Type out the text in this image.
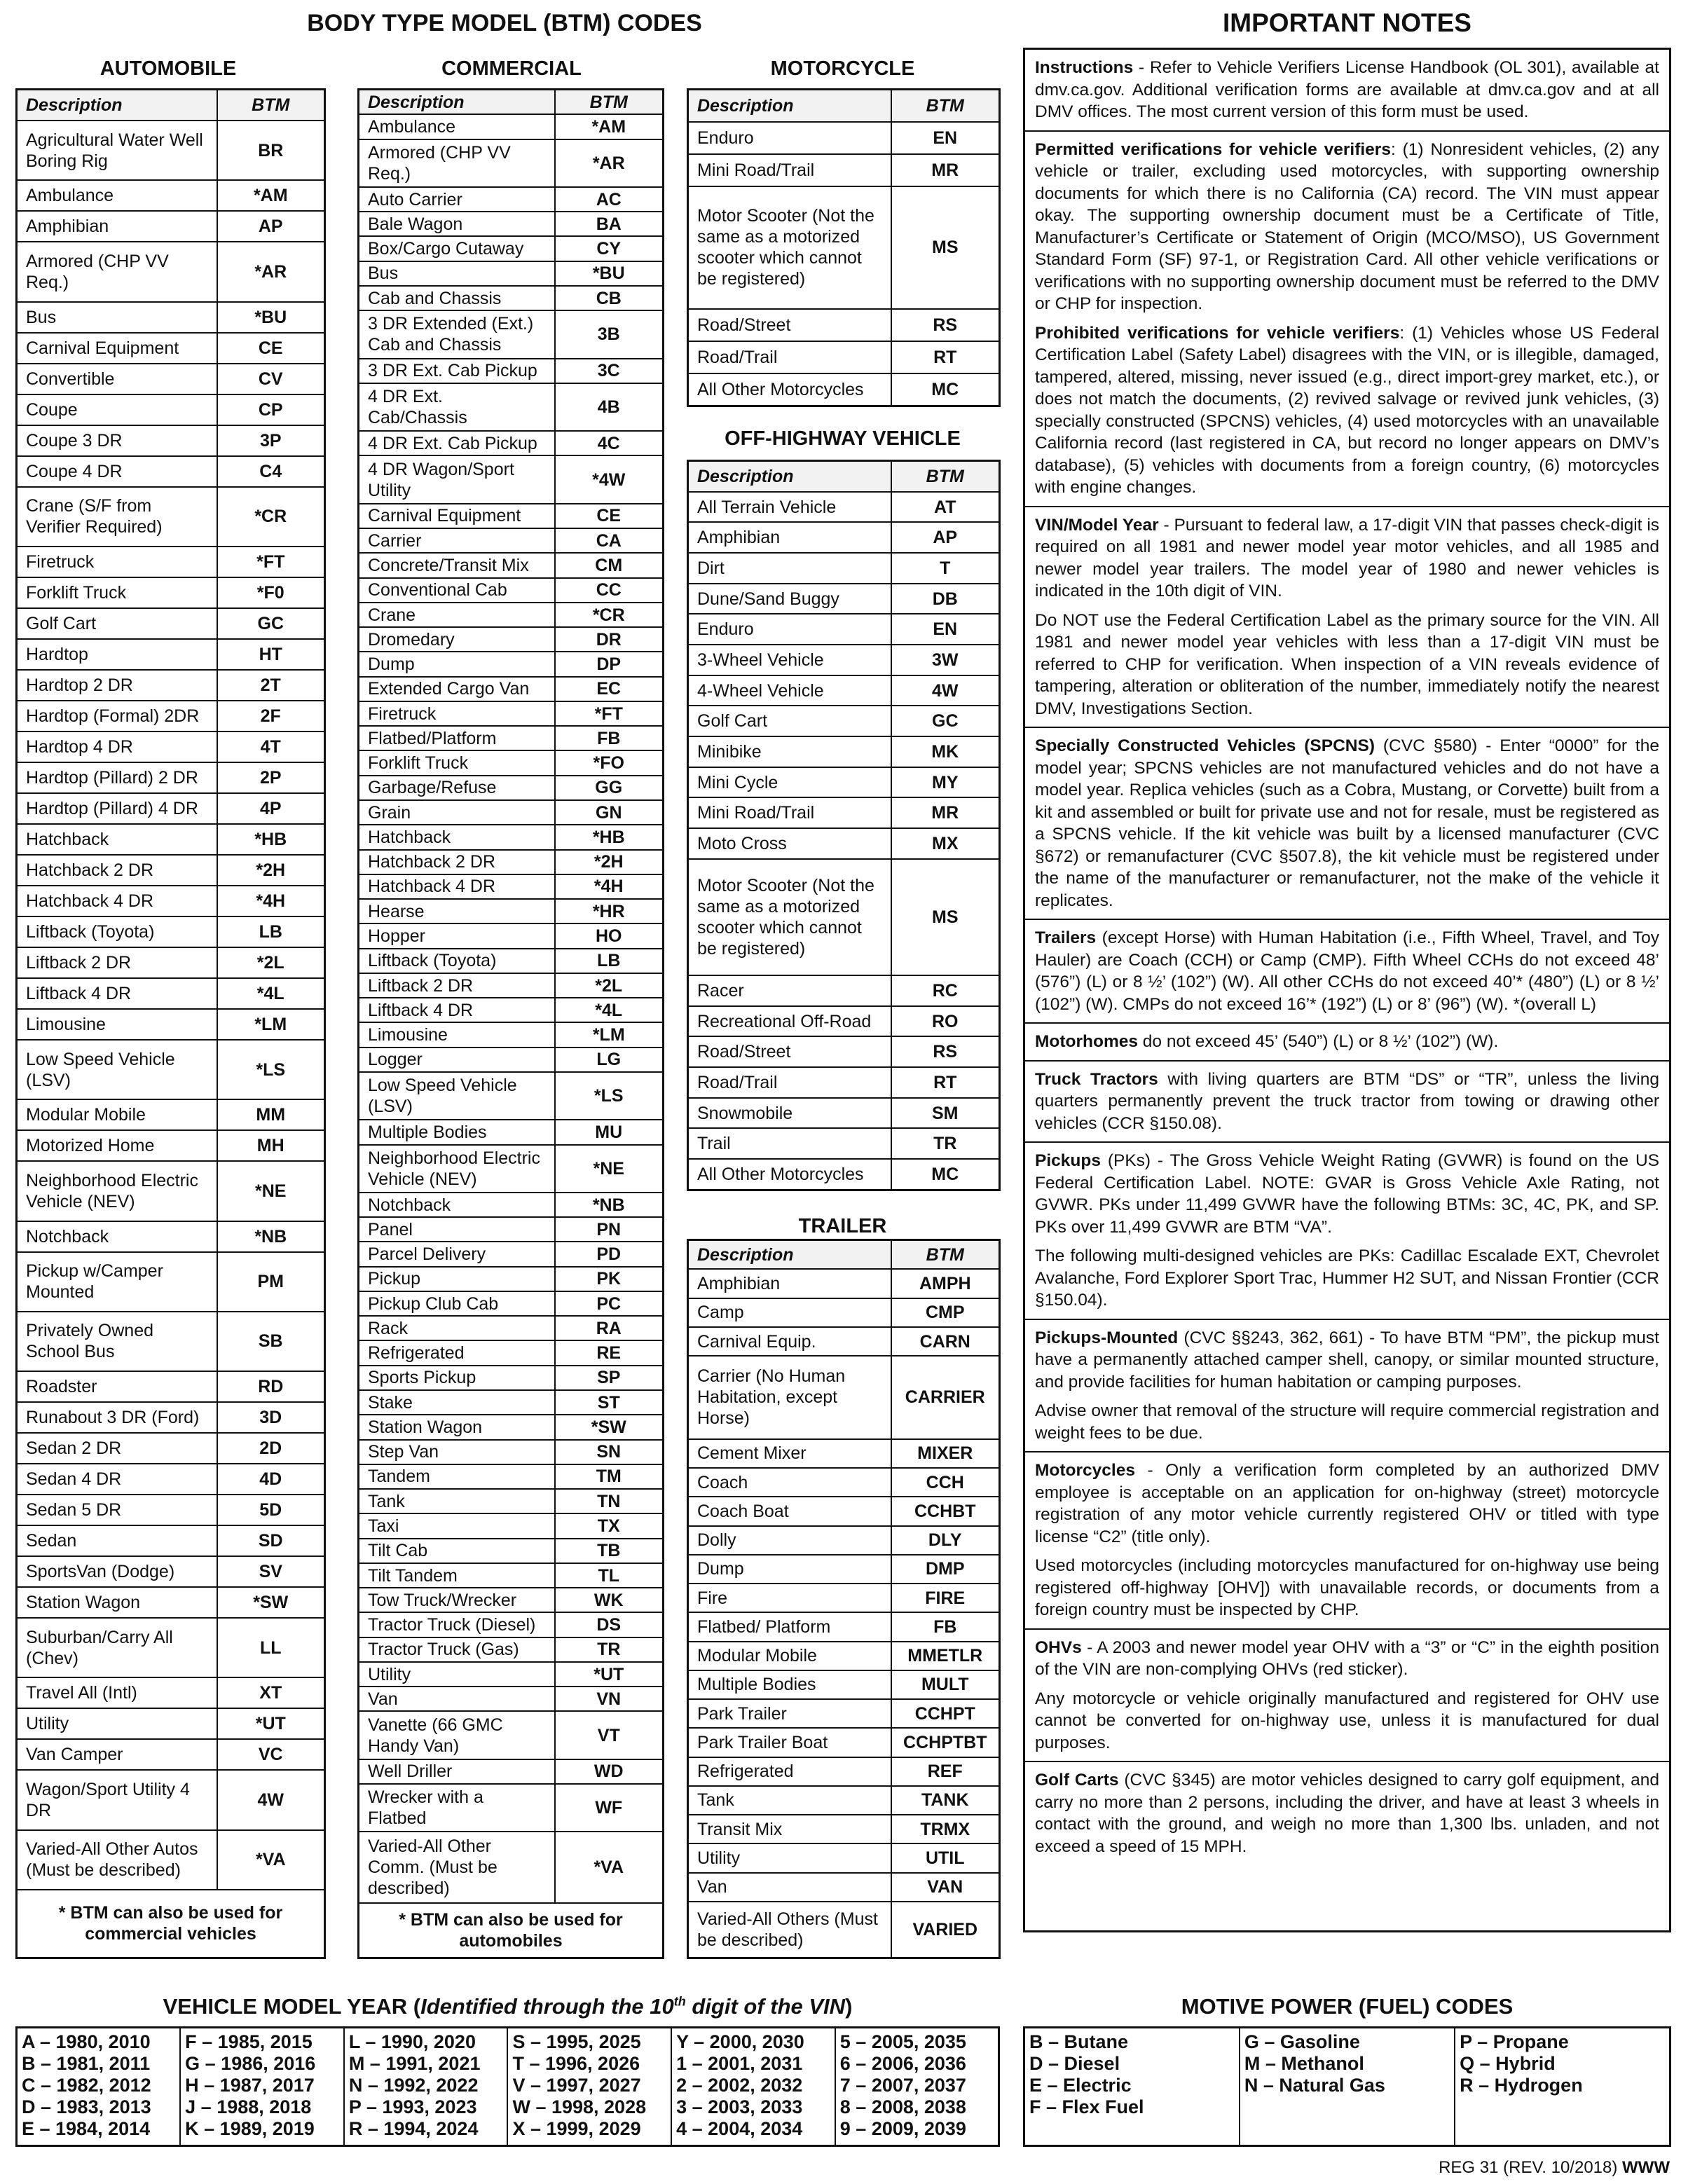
BODY TYPE MODEL (BTM) CODES	IMPORTANT NOTES
AUTOMOBILE	COMMERCIAL	MOTORCYCLE
OFF-HIGHWAY VEHICLE
TRAILER
Description	BTM
Agricultural Water Well Boring Rig	BR
Ambulance	*AM
Amphibian	AP
Armored (CHP VV Req.)	*AR
Bus	*BU
Carnival Equipment	CE
Convertible	CV
Coupe	CP
Coupe 3 DR	3P
Coupe 4 DR	C4
Crane (S/F from Verifier Required)	*CR
Firetruck	*FT
Forklift Truck	*F0
Golf Cart	GC
Hardtop	HT
Hardtop 2 DR	2T
Hardtop (Formal) 2DR	2F
Hardtop 4 DR	4T
Hardtop (Pillard) 2 DR	2P
Hardtop (Pillard) 4 DR	4P
Hatchback	*HB
Hatchback 2 DR	*2H
Hatchback 4 DR	*4H
Liftback (Toyota)	LB
Liftback 2 DR	*2L
Liftback 4 DR	*4L
Limousine	*LM
Low Speed Vehicle (LSV)	*LS
Modular Mobile	MM
Motorized Home	MH
Neighborhood Electric Vehicle (NEV)	*NE
Notchback	*NB
Pickup w/Camper Mounted	PM
Privately Owned School Bus	SB
Roadster	RD
Runabout 3 DR (Ford)	3D
Sedan 2 DR	2D
Sedan 4 DR	4D
Sedan 5 DR	5D
Sedan	SD
SportsVan (Dodge)	SV
Station Wagon	*SW
Suburban/Carry All (Chev)	LL
Travel All (Intl)	XT
Utility	*UT
Van Camper	VC
Wagon/Sport Utility 4 DR	4W
Varied-All Other Autos (Must be described)	*VA
* BTM can also be used for commercial vehicles	
Description	BTM
Ambulance	*AM
Armored (CHP VV Req.)	*AR
Auto Carrier	AC
Bale Wagon	BA
Box/Cargo Cutaway	CY
Bus	*BU
Cab and Chassis	CB
3 DR Extended (Ext.) Cab and Chassis	3B
3 DR Ext. Cab Pickup	3C
4 DR Ext. Cab/Chassis	4B
4 DR Ext. Cab Pickup	4C
4 DR Wagon/Sport Utility	*4W
Carnival Equipment	CE
Carrier	CA
Concrete/Transit Mix	CM
Conventional Cab	CC
Crane	*CR
Dromedary	DR
Dump	DP
Extended Cargo Van	EC
Firetruck	*FT
Flatbed/Platform	FB
Forklift Truck	*FO
Garbage/Refuse	GG
Grain	GN
Hatchback	*HB
Hatchback 2 DR	*2H
Hatchback 4 DR	*4H
Hearse	*HR
Hopper	HO
Liftback (Toyota)	LB
Liftback 2 DR	*2L
Liftback 4 DR	*4L
Limousine	*LM
Logger	LG
Low Speed Vehicle (LSV)	*LS
Multiple Bodies	MU
Neighborhood Electric Vehicle (NEV)	*NE
Notchback	*NB
Panel	PN
Parcel Delivery	PD
Pickup	PK
Pickup Club Cab	PC
Rack	RA
Refrigerated	RE
Sports Pickup	SP
Stake	ST
Station Wagon	*SW
Step Van	SN
Tandem	TM
Tank	TN
Taxi	TX
Tilt Cab	TB
Tilt Tandem	TL
Tow Truck/Wrecker	WK
Tractor Truck (Diesel)	DS
Tractor Truck (Gas)	TR
Utility	*UT
Van	VN
Vanette (66 GMC Handy Van)	VT
Well Driller	WD
Wrecker with a Flatbed	WF
Varied-All Other Comm. (Must be described)	*VA
* BTM can also be used for automobiles	
Description	BTM
Enduro	EN
Mini Road/Trail	MR
Motor Scooter (Not the same as a motorized scooter which cannot be registered)	MS
Road/Street	RS
Road/Trail	RT
All Other Motorcycles	MC
Description	BTM
All Terrain Vehicle	AT
Amphibian	AP
Dirt	T
Dune/Sand Buggy	DB
Enduro	EN
3-Wheel Vehicle	3W
4-Wheel Vehicle	4W
Golf Cart	GC
Minibike	MK
Mini Cycle	MY
Mini Road/Trail	MR
Moto Cross	MX
Motor Scooter (Not the same as a motorized scooter which cannot be registered)	MS
Racer	RC
Recreational Off-Road	RO
Road/Street	RS
Road/Trail	RT
Snowmobile	SM
Trail	TR
All Other Motorcycles	MC
Description	BTM
Amphibian	AMPH
Camp	CMP
Carnival Equip.	CARN
Carrier (No Human Habitation, except Horse)	CARRIER
Cement Mixer	MIXER
Coach	CCH
Coach Boat	CCHBT
Dolly	DLY
Dump	DMP
Fire	FIRE
Flatbed/ Platform	FB
Modular Mobile	MMETLR
Multiple Bodies	MULT
Park Trailer	CCHPT
Park Trailer Boat	CCHPTBT
Refrigerated	REF
Tank	TANK
Transit Mix	TRMX
Utility	UTIL
Van	VAN
Varied-All Others (Must be described)	VARIED

Instructions - Refer to Vehicle Verifiers License Handbook (OL 301), available at dmv.ca.gov. Additional verification forms are available at dmv.ca.gov and at all DMV offices. The most current version of this form must be used.

Permitted verifications for vehicle verifiers: (1) Nonresident vehicles, (2) any vehicle or trailer, excluding used motorcycles, with supporting ownership documents for which there is no California (CA) record. The VIN must appear okay. The supporting ownership document must be a Certificate of Title, Manufacturer’s Certificate or Statement of Origin (MCO/MSO), US Government Standard Form (SF) 97-1, or Registration Card. All other vehicle verifications or verifications with no supporting ownership document must be referred to the DMV or CHP for inspection.

Prohibited verifications for vehicle verifiers: (1) Vehicles whose US Federal Certification Label (Safety Label) disagrees with the VIN, or is illegible, damaged, tampered, altered, missing, never issued (e.g., direct import-grey market, etc.), or does not match the documents, (2) revived salvage or revived junk vehicles, (3) specially constructed (SPCNS) vehicles, (4) used motorcycles with an unavailable California record (last registered in CA, but record no longer appears on DMV’s database), (5) vehicles with documents from a foreign country, (6) motorcycles with engine changes.

VIN/Model Year - Pursuant to federal law, a 17-digit VIN that passes check-digit is required on all 1981 and newer model year motor vehicles, and all 1985 and newer model year trailers. The model year of 1980 and newer vehicles is indicated in the 10th digit of VIN.

Do NOT use the Federal Certification Label as the primary source for the VIN. All 1981 and newer model year vehicles with less than a 17-digit VIN must be referred to CHP for verification. When inspection of a VIN reveals evidence of tampering, alteration or obliteration of the number, immediately notify the nearest DMV, Investigations Section.

Specially Constructed Vehicles (SPCNS) (CVC §580) - Enter “0000” for the model year; SPCNS vehicles are not manufactured vehicles and do not have a model year. Replica vehicles (such as a Cobra, Mustang, or Corvette) built from a kit and assembled or built for private use and not for resale, must be registered as a SPCNS vehicle. If the kit vehicle was built by a licensed manufacturer (CVC §672) or remanufacturer (CVC §507.8), the kit vehicle must be registered under the name of the manufacturer or remanufacturer, not the make of the vehicle it replicates.

Trailers (except Horse) with Human Habitation (i.e., Fifth Wheel, Travel, and Toy Hauler) are Coach (CCH) or Camp (CMP). Fifth Wheel CCHs do not exceed 48’ (576”) (L) or 8 ½’ (102”) (W). All other CCHs do not exceed 40’* (480”) (L) or 8 ½’ (102”) (W). CMPs do not exceed 16’* (192”) (L) or 8’ (96”) (W). *(overall L)

Motorhomes do not exceed 45’ (540”) (L) or 8 ½’ (102”) (W).

Truck Tractors with living quarters are BTM “DS” or “TR”, unless the living quarters permanently prevent the truck tractor from towing or drawing other vehicles (CCR §150.08).

Pickups (PKs) - The Gross Vehicle Weight Rating (GVWR) is found on the US Federal Certification Label. NOTE: GVAR is Gross Vehicle Axle Rating, not GVWR. PKs under 11,499 GVWR have the following BTMs: 3C, 4C, PK, and SP. PKs over 11,499 GVWR are BTM “VA”.

The following multi-designed vehicles are PKs: Cadillac Escalade EXT, Chevrolet Avalanche, Ford Explorer Sport Trac, Hummer H2 SUT, and Nissan Frontier (CCR §150.04).

Pickups-Mounted (CVC §§243, 362, 661) - To have BTM “PM”, the pickup must have a permanently attached camper shell, canopy, or similar mounted structure, and provide facilities for human habitation or camping purposes.

Advise owner that removal of the structure will require commercial registration and weight fees to be due.

Motorcycles - Only a verification form completed by an authorized DMV employee is acceptable on an application for on-highway (street) motorcycle registration of any motor vehicle currently registered OHV or titled with type license “C2” (title only).

Used motorcycles (including motorcycles manufactured for on-highway use being registered off-highway [OHV]) with unavailable records, or documents from a foreign country must be inspected by CHP.

OHVs - A 2003 and newer model year OHV with a “3” or “C” in the eighth position of the VIN are non-complying OHVs (red sticker).

Any motorcycle or vehicle originally manufactured and registered for OHV use cannot be converted for on-highway use, unless it is manufactured for dual purposes.

Golf Carts (CVC §345) are motor vehicles designed to carry golf equipment, and carry no more than 2 persons, including the driver, and have at least 3 wheels in contact with the ground, and weigh no more than 1,300 lbs. unladen, and not exceed a speed of 15 MPH.

VEHICLE MODEL YEAR (Identified through the 10th digit of the VIN)
A – 1980, 2010
B – 1981, 2011
C – 1982, 2012
D – 1983, 2013
E – 1984, 2014

F – 1985, 2015
G – 1986, 2016
H – 1987, 2017
J – 1988, 2018
K – 1989, 2019

L – 1990, 2020
M – 1991, 2021
N – 1992, 2022
P – 1993, 2023
R – 1994, 2024

S – 1995, 2025
T – 1996, 2026
V – 1997, 2027
W – 1998, 2028
X – 1999, 2029

Y – 2000, 2030
1 – 2001, 2031
2 – 2002, 2032
3 – 2003, 2033
4 – 2004, 2034

5 – 2005, 2035
6 – 2006, 2036
7 – 2007, 2037
8 – 2008, 2038
9 – 2009, 2039
MOTIVE POWER (FUEL) CODES
B – Butane
D – Diesel
E – Electric
F – Flex Fuel

G – Gasoline
M – Methanol
N – Natural Gas

P – Propane
Q – Hybrid
R – Hydrogen
REG 31 (REV. 10/2018) WWW
